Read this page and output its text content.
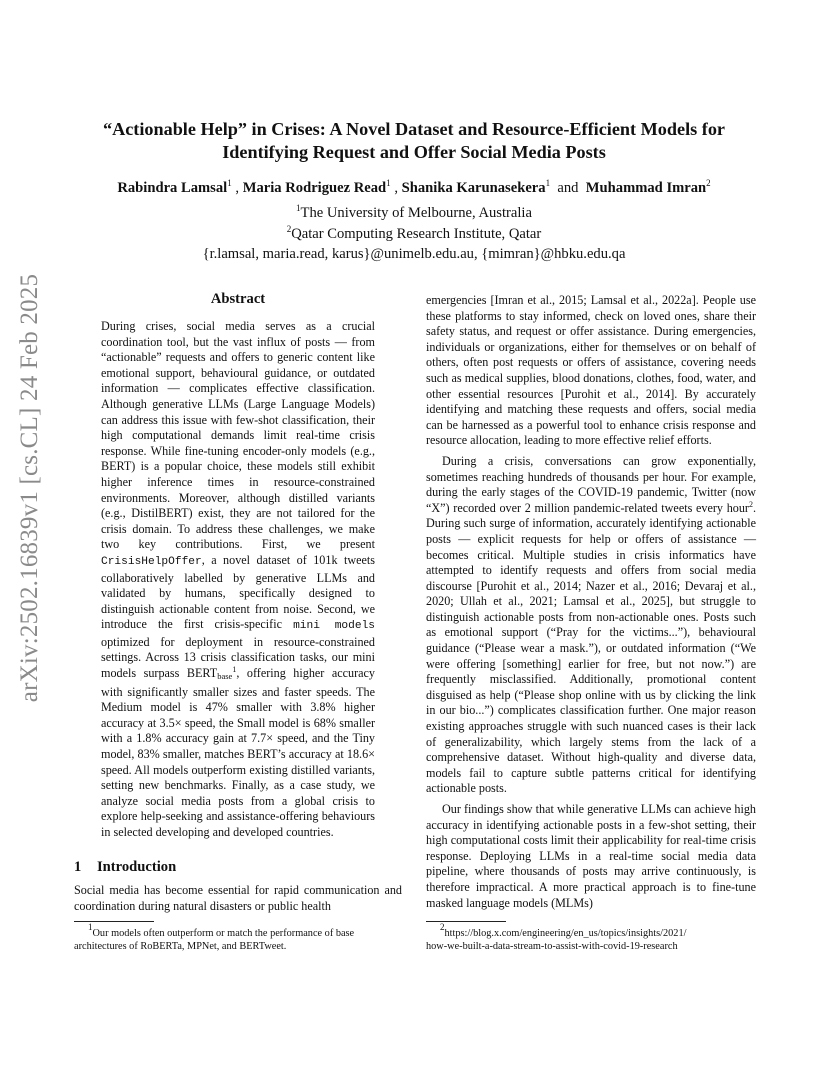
arXiv:2502.16839v1 [cs.CL] 24 Feb 2025
“Actionable Help” in Crises: A Novel Dataset and Resource-Efficient Models for
Identifying Request and Offer Social Media Posts
Rabindra Lamsal$^1$ , Maria Rodriguez Read$^1$ , Shanika Karunasekera$^1$ and Muhammad Imran$^2$
$^1$The University of Melbourne, Australia
$^2$Qatar Computing Research Institute, Qatar
{r.lamsal, maria.read, karus}@unimelb.edu.au, {mimran}@hbku.edu.qa
Abstract
During crises, social media serves as a crucial coordination tool, but the vast influx of posts — from “actionable” requests and offers to generic content like emotional support, behavioural guidance, or outdated information — complicates effective classification. Although generative LLMs (Large Language Models) can address this issue with few-shot classification, their high computational demands limit real-time crisis response. While fine-tuning encoder-only models (e.g., BERT) is a popular choice, these models still exhibit higher inference times in resource-constrained environments. Moreover, although distilled variants (e.g., DistilBERT) exist, they are not tailored for the crisis domain. To address these challenges, we make two key contributions. First, we present CrisisHelpOffer, a novel dataset of 101k tweets collaboratively labelled by generative LLMs and validated by humans, specifically designed to distinguish actionable content from noise. Second, we introduce the first crisis-specific mini models optimized for deployment in resource-constrained settings. Across 13 crisis classification tasks, our mini models surpass BERTbase$^1$, offering higher accuracy with significantly smaller sizes and faster speeds. The Medium model is 47% smaller with 3.8% higher accuracy at 3.5× speed, the Small model is 68% smaller with a 1.8% accuracy gain at 7.7× speed, and the Tiny model, 83% smaller, matches BERT’s accuracy at 18.6× speed. All models outperform existing distilled variants, setting new benchmarks. Finally, as a case study, we analyze social media posts from a global crisis to explore help-seeking and assistance-offering behaviours in selected developing and developed countries.
1 Introduction
Social media has become essential for rapid communication and coordination during natural disasters or public health

emergencies [Imran et al., 2015; Lamsal et al., 2022a]. People use these platforms to stay informed, check on loved ones, share their safety status, and request or offer assistance. During emergencies, individuals or organizations, either for themselves or on behalf of others, often post requests or offers of assistance, covering needs such as medical supplies, blood donations, clothes, food, water, and other essential resources [Purohit et al., 2014]. By accurately identifying and matching these requests and offers, social media can be harnessed as a powerful tool to enhance crisis response and resource allocation, leading to more effective relief efforts.

During a crisis, conversations can grow exponentially, sometimes reaching hundreds of thousands per hour. For example, during the early stages of the COVID-19 pandemic, Twitter (now “X”) recorded over 2 million pandemic-related tweets every hour$^2$. During such surge of information, accurately identifying actionable posts — explicit requests for help or offers of assistance — becomes critical. Multiple studies in crisis informatics have attempted to identify requests and offers from social media discourse [Purohit et al., 2014; Nazer et al., 2016; Devaraj et al., 2020; Ullah et al., 2021; Lamsal et al., 2025], but struggle to distinguish actionable posts from non-actionable ones. Posts such as emotional support (“Pray for the victims...”), behavioural guidance (“Please wear a mask.”), or outdated information (“We were offering [something] earlier for free, but not now.”) are frequently misclassified. Additionally, promotional content disguised as help (“Please shop online with us by clicking the link in our bio...”) complicates classification further. One major reason existing approaches struggle with such nuanced cases is their lack of generalizability, which largely stems from the lack of a comprehensive dataset. Without high-quality and diverse data, models fail to capture subtle patterns critical for identifying actionable posts.

Our findings show that while generative LLMs can achieve high accuracy in identifying actionable posts in a few-shot setting, their high computational costs limit their applicability for real-time crisis response. Deploying LLMs in a real-time social media data pipeline, where thousands of posts may arrive continuously, is therefore impractical. A more practical approach is to fine-tune masked language models (MLMs)

$^1$Our models often outperform or match the performance of base architectures of RoBERTa, MPNet, and BERTweet.
$^2$https://blog.x.com/engineering/en_us/topics/insights/2021/
how-we-built-a-data-stream-to-assist-with-covid-19-research
